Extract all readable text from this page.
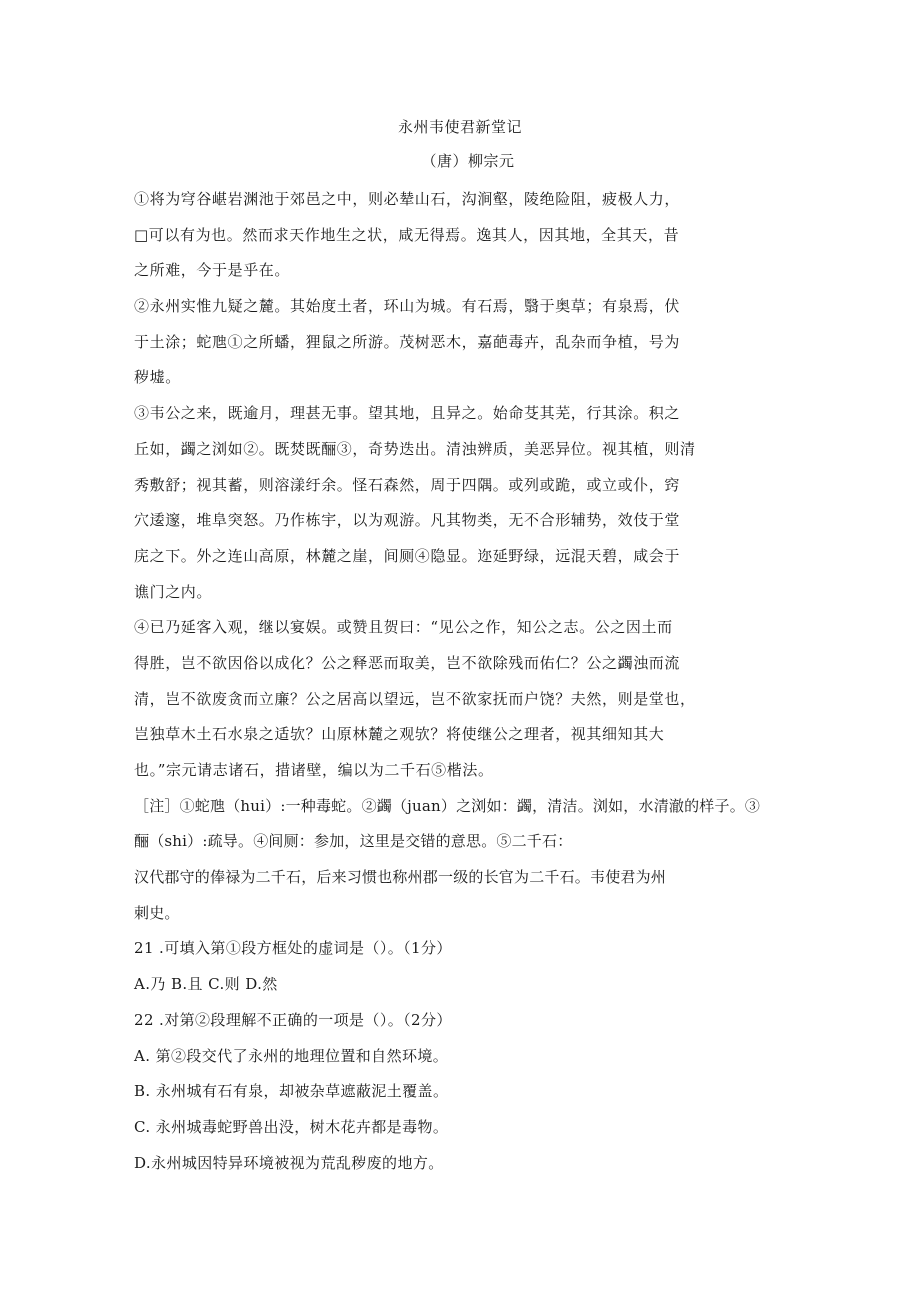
永州韦使君新堂记
（唐）柳宗元
①将为穹谷嵁岩渊池于郊邑之中，则必辇山石，沟涧壑，陵绝险阻，疲极人力，
□可以有为也。然而求天作地生之状，咸无得焉。逸其人，因其地，全其天，昔
之所难，今于是乎在。
②永州实惟九疑之麓。其始度土者，环山为城。有石焉，翳于奥草；有泉焉，伏
于土涂；蛇虺①之所蟠，狸鼠之所游。茂树恶木，嘉葩毒卉，乱杂而争植，号为
秽墟。
③韦公之来，既逾月，理甚无事。望其地，且异之。始命芟其芜，行其涂。积之
丘如，蠲之浏如②。既焚既酾③，奇势迭出。清浊辨质，美恶异位。视其植，则清
秀敷舒；视其蓄，则溶漾纡余。怪石森然，周于四隅。或列或跪，或立或仆，窍
穴逶邃，堆阜突怒。乃作栋宇，以为观游。凡其物类，无不合形辅势，效伎于堂
庑之下。外之连山高原，林麓之崖，间厕④隐显。迩延野绿，远混天碧，咸会于
谯门之内。
④已乃延客入观，继以宴娱。或赞且贺曰：“见公之作，知公之志。公之因土而
得胜，岂不欲因俗以成化？公之释恶而取美，岂不欲除残而佑仁？公之蠲浊而流
清，岂不欲废贪而立廉？公之居高以望远，岂不欲家抚而户饶？夫然，则是堂也，
岂独草木土石水泉之适欤？山原林麓之观欤？将使继公之理者，视其细知其大
也。”宗元请志诸石，措诸壁，编以为二千石⑤楷法。
［注］①蛇虺（hui）:一种毒蛇。②蠲（juan）之浏如：蠲，清洁。浏如，水清澈的样子。③
酾（shi）:疏导。④间厕：参加，这里是交错的意思。⑤二千石：
汉代郡守的俸禄为二千石，后来习惯也称州郡一级的长官为二千石。韦使君为州
刺史。
21 .可填入第①段方框处的虚词是（）。（1分）
A.乃 B.且 C.则 D.然
22 .对第②段理解不正确的一项是（）。（2分）
A. 第②段交代了永州的地理位置和自然环境。
B. 永州城有石有泉，却被杂草遮蔽泥土覆盖。
C. 永州城毒蛇野兽出没，树木花卉都是毒物。
D.永州城因特异环境被视为荒乱秽废的地方。
